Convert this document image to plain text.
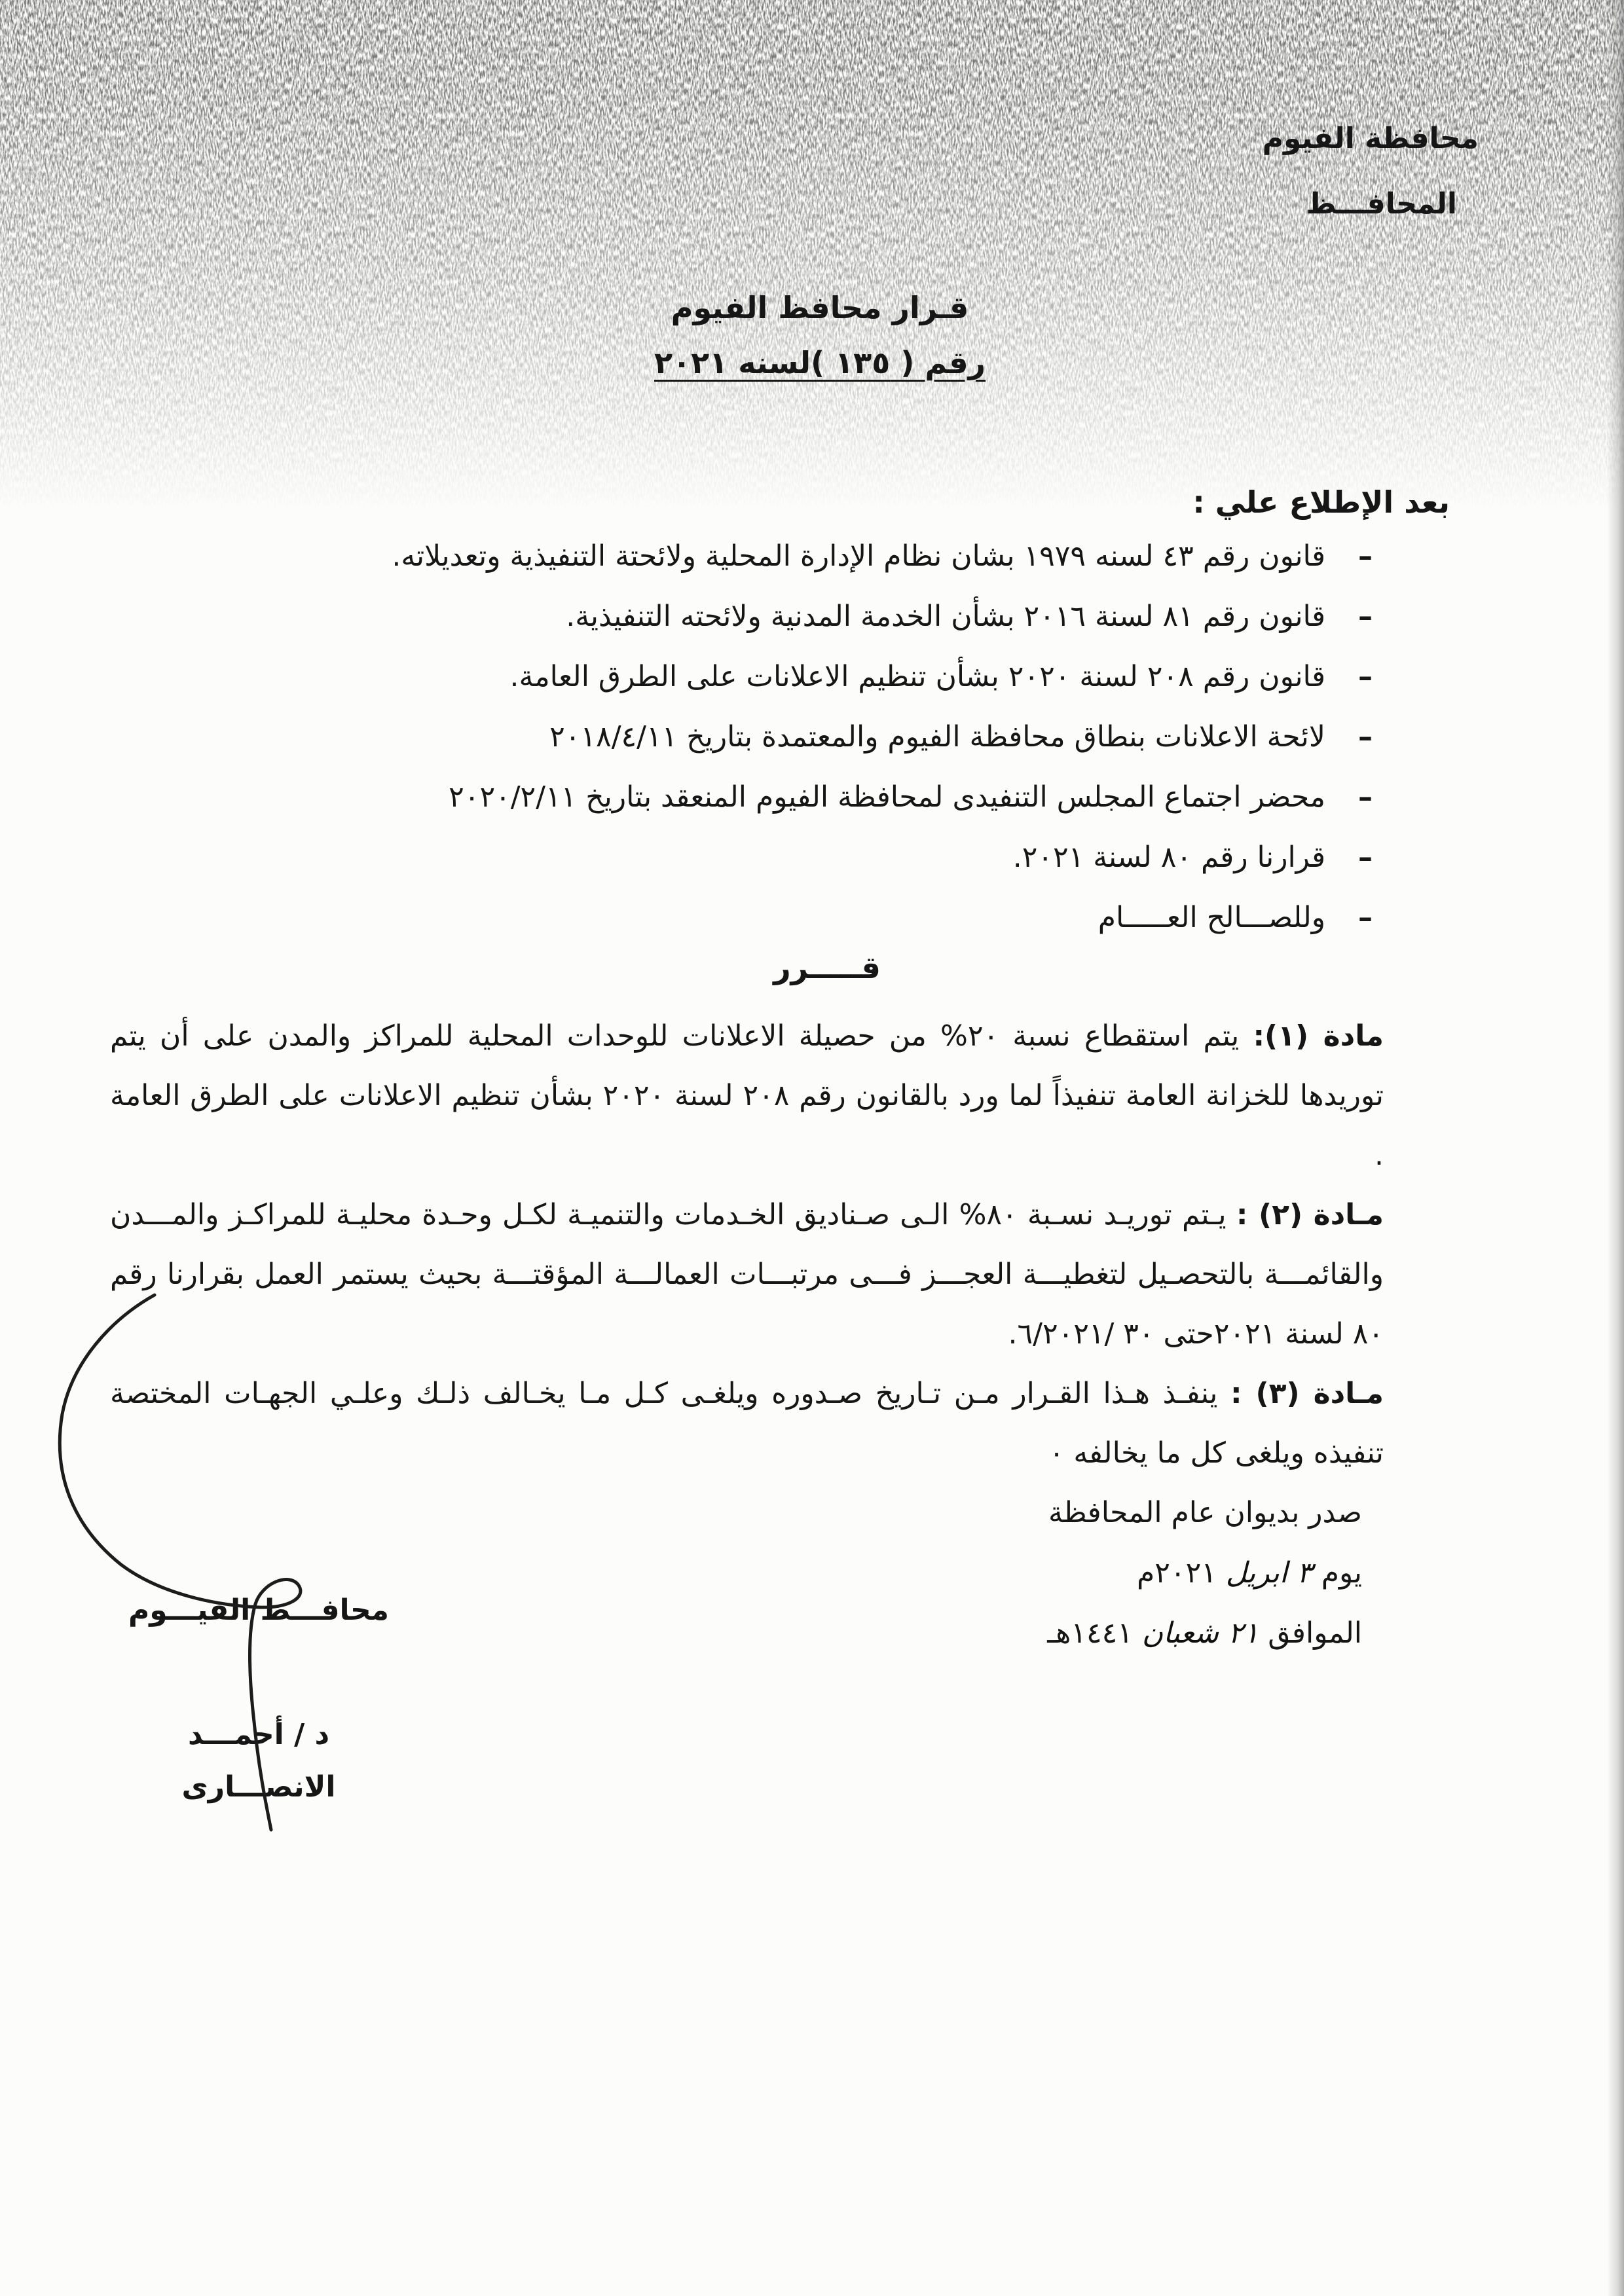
محافظة الفيوم
المحافـــظ
قـرار محافظ الفيوم
رقم ( ١٣٥ )لسنه ٢٠٢١
بعد الإطلاع علي :
–
قانون رقم ٤٣ لسنه ١٩٧٩ بشان نظام الإدارة المحلية ولائحتة التنفيذية وتعديلاته.
–
قانون رقم ٨١ لسنة ٢٠١٦ بشأن الخدمة المدنية ولائحته التنفيذية.
–
قانون رقم ٢٠٨ لسنة ٢٠٢٠ بشأن تنظيم الاعلانات على الطرق العامة.
–
لائحة الاعلانات بنطاق محافظة الفيوم والمعتمدة بتاريخ ٢٠١٨/٤/١١
–
محضر اجتماع المجلس التنفيدى لمحافظة الفيوم المنعقد بتاريخ ٢٠٢٠/٢/١١
–
قرارنا رقم ٨٠ لسنة ٢٠٢١.
–
وللصـــالح العـــــام
قـــــرر

مادة (١): يتم استقطاع نسبة ٢٠% من حصيلة الاعلانات للوحدات المحلية للمراكز والمدن على أن يتم توريدها للخزانة العامة تنفيذاً لما ورد بالقانون رقم ٢٠٨ لسنة ٢٠٢٠ بشأن تنظيم الاعلانات على الطرق العامة .

مـادة (٢) : يـتم توريـد نسـبة ٨٠% الـى صـناديق الخـدمات والتنميـة لكـل وحـدة محليـة للمراكـز والمـــدن والقائمـــة بالتحصـيل لتغطيـــة العجـــز فـــى مرتبـــات العمالـــة المؤقتـــة بحيث يستمر العمل بقرارنا رقم ٨٠ لسنة ٢٠٢١حتى ٣٠ /٦/٢٠٢١.

مـادة (٣) : ينفـذ هـذا القـرار مـن تـاريخ صـدوره ويلغـى كـل مـا يخـالف ذلـك وعلـي الجهـات المختصة تنفيذه ويلغى كل ما يخالفه ٠

صدر بديوان عام المحافظة
يوم ٣ ابريل ٢٠٢١م
الموافق ٢١ شعبان ١٤٤١هـ
محافـــظ الفيـــوم
د / أحمـــد الانصـــارى
